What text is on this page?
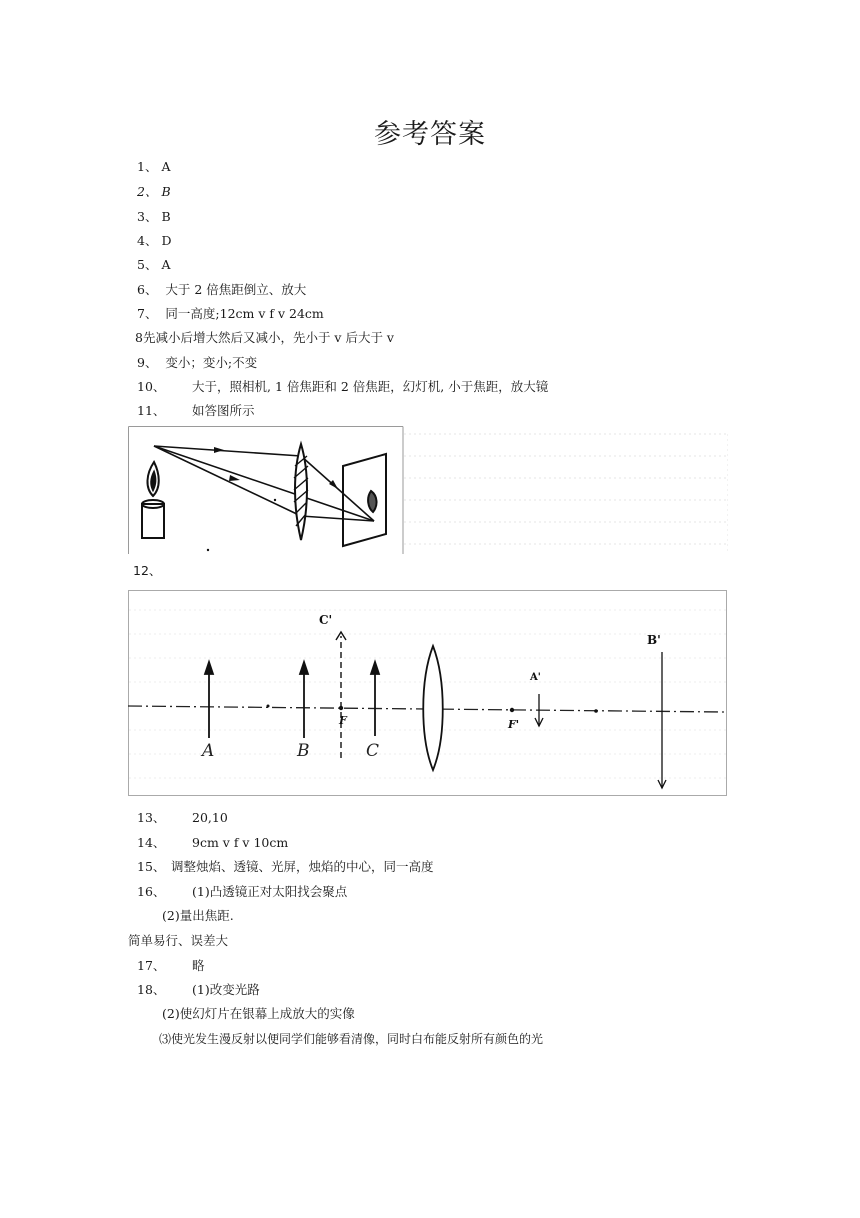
参考答案
1、 A
2、 B
3、 B
4、 D
5、 A
6、 大于 2 倍焦距倒立、放大
7、 同一高度;12cm v f v 24cm
8先减小后增大然后又减小，先小于 v 后大于 v
9、 变小；变小;不变
10、 大于，照相机, 1 倍焦距和 2 倍焦距，幻灯机, 小于焦距，放大镜
11、 如答图所示
12、
A	B	C
C'
F	F'
A'
B'
13、 20,10
14、 9cm v f v 10cm
15、 调整烛焰、透镜、光屏，烛焰的中心，同一高度
16、 (1)凸透镜正对太阳找会聚点
(2)量出焦距.
简单易行、误差大
17、 略
18、 (1)改变光路
(2)使幻灯片在银幕上成放大的实像
⑶使光发生漫反射以便同学们能够看清像，同时白布能反射所有颜色的光
